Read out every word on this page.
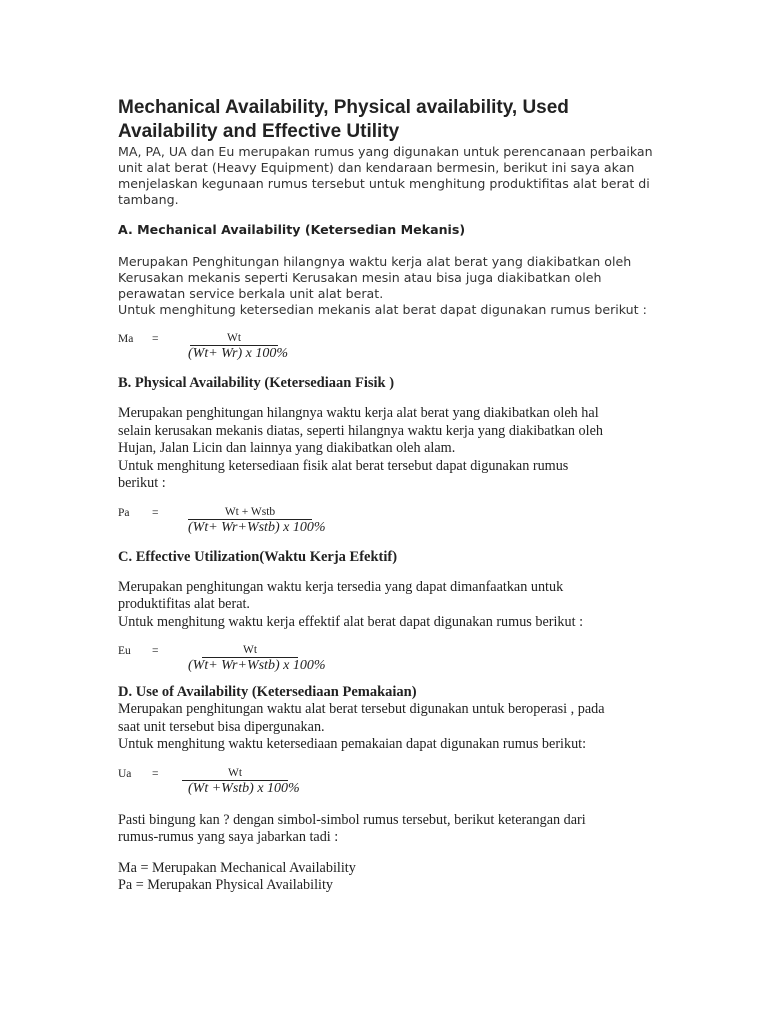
Mechanical Availability, Physical availability, Used Availability and Effective Utility

MA, PA, UA dan Eu merupakan rumus yang digunakan untuk perencanaan perbaikan

unit alat berat (Heavy Equipment) dan kendaraan bermesin, berikut ini saya akan

menjelaskan kegunaan rumus tersebut untuk menghitung produktifitas alat berat di

tambang.

A. Mechanical Availability (Ketersedian Mekanis)

Merupakan Penghitungan hilangnya waktu kerja alat berat yang diakibatkan oleh

Kerusakan mekanis seperti Kerusakan mesin atau bisa juga diakibatkan oleh

perawatan service berkala unit alat berat.

Untuk menghitung ketersedian mekanis alat berat dapat digunakan rumus berikut :

Ma =	Wt
(Wt+ Wr) x 100%

B. Physical Availability (Ketersediaan Fisik )

Merupakan penghitungan hilangnya waktu kerja alat berat yang diakibatkan oleh hal

selain kerusakan mekanis diatas, seperti hilangnya waktu kerja yang diakibatkan oleh

Hujan, Jalan Licin dan lainnya yang diakibatkan oleh alam.

Untuk menghitung ketersediaan fisik alat berat tersebut dapat digunakan rumus

berikut :

Pa =	Wt + Wstb
(Wt+ Wr+Wstb) x 100%

C. Effective Utilization(Waktu Kerja Efektif)

Merupakan penghitungan waktu kerja tersedia yang dapat dimanfaatkan untuk

produktifitas alat berat.

Untuk menghitung waktu kerja effektif alat berat dapat digunakan rumus berikut :

Eu =	Wt
(Wt+ Wr+Wstb) x 100%

D. Use of Availability (Ketersediaan Pemakaian)

Merupakan penghitungan waktu alat berat tersebut digunakan untuk beroperasi , pada

saat unit tersebut bisa dipergunakan.

Untuk menghitung waktu ketersediaan pemakaian dapat digunakan rumus berikut:

Ua =	Wt
(Wt +Wstb) x 100%

Pasti bingung kan ? dengan simbol-simbol rumus tersebut, berikut keterangan dari

rumus-rumus yang saya jabarkan tadi :

Ma = Merupakan Mechanical Availability

Pa = Merupakan Physical Availability
